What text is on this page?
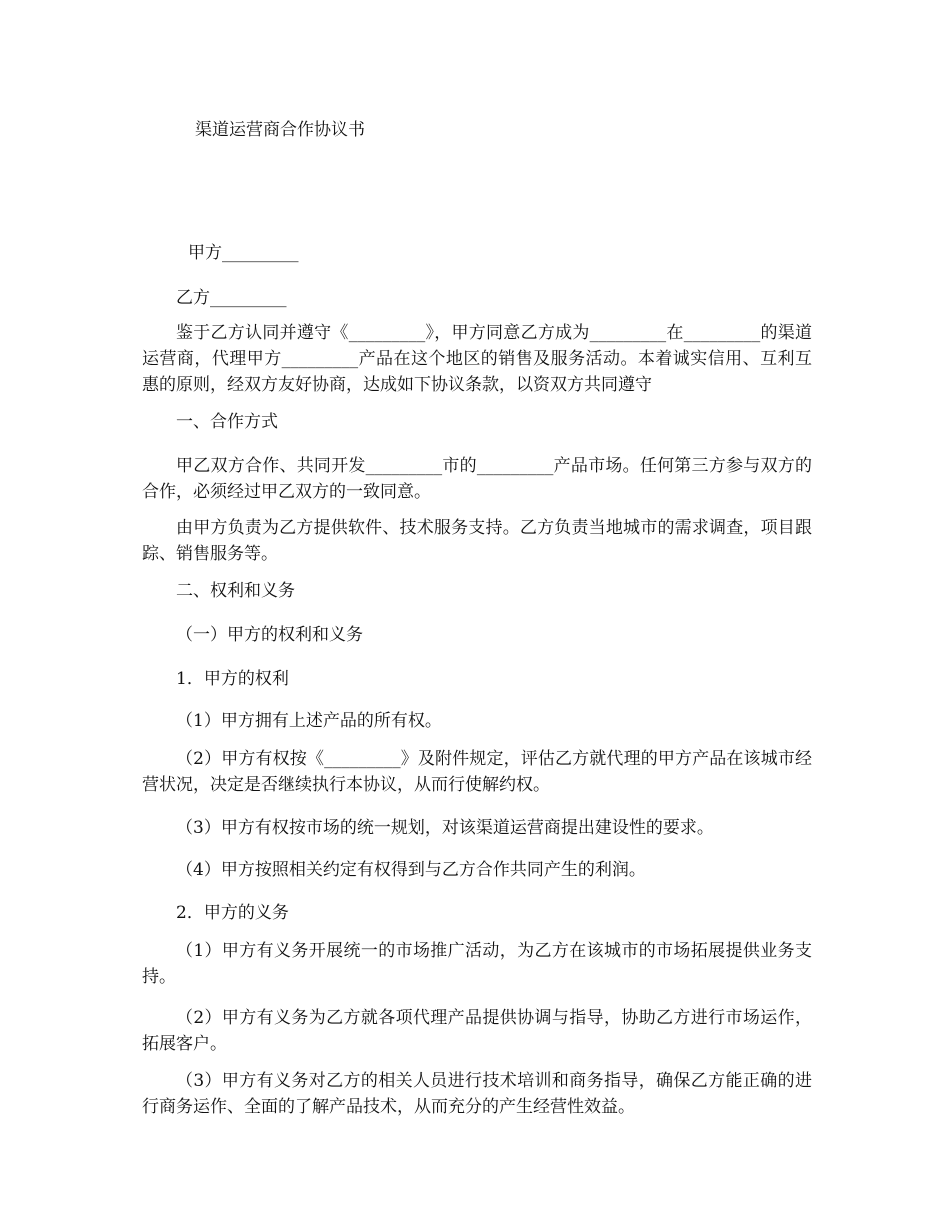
渠道运营商合作协议书
甲方_________
乙方_________
鉴于乙方认同并遵守《_________》，甲方同意乙方成为_________在_________的渠道运营商，代理甲方_________产品在这个地区的销售及服务活动。本着诚实信用、互利互惠的原则，经双方友好协商，达成如下协议条款，以资双方共同遵守
一、合作方式
甲乙双方合作、共同开发_________市的_________产品市场。任何第三方参与双方的合作，必须经过甲乙双方的一致同意。
由甲方负责为乙方提供软件、技术服务支持。乙方负责当地城市的需求调查，项目跟踪、销售服务等。
二、权利和义务
（一）甲方的权利和义务
1．甲方的权利
（1）甲方拥有上述产品的所有权。
（2）甲方有权按《_________》及附件规定，评估乙方就代理的甲方产品在该城市经营状况，决定是否继续执行本协议，从而行使解约权。
（3）甲方有权按市场的统一规划，对该渠道运营商提出建设性的要求。
（4）甲方按照相关约定有权得到与乙方合作共同产生的利润。
2．甲方的义务
（1）甲方有义务开展统一的市场推广活动，为乙方在该城市的市场拓展提供业务支持。
（2）甲方有义务为乙方就各项代理产品提供协调与指导，协助乙方进行市场运作，拓展客户。
（3）甲方有义务对乙方的相关人员进行技术培训和商务指导，确保乙方能正确的进行商务运作、全面的了解产品技术，从而充分的产生经营性效益。
